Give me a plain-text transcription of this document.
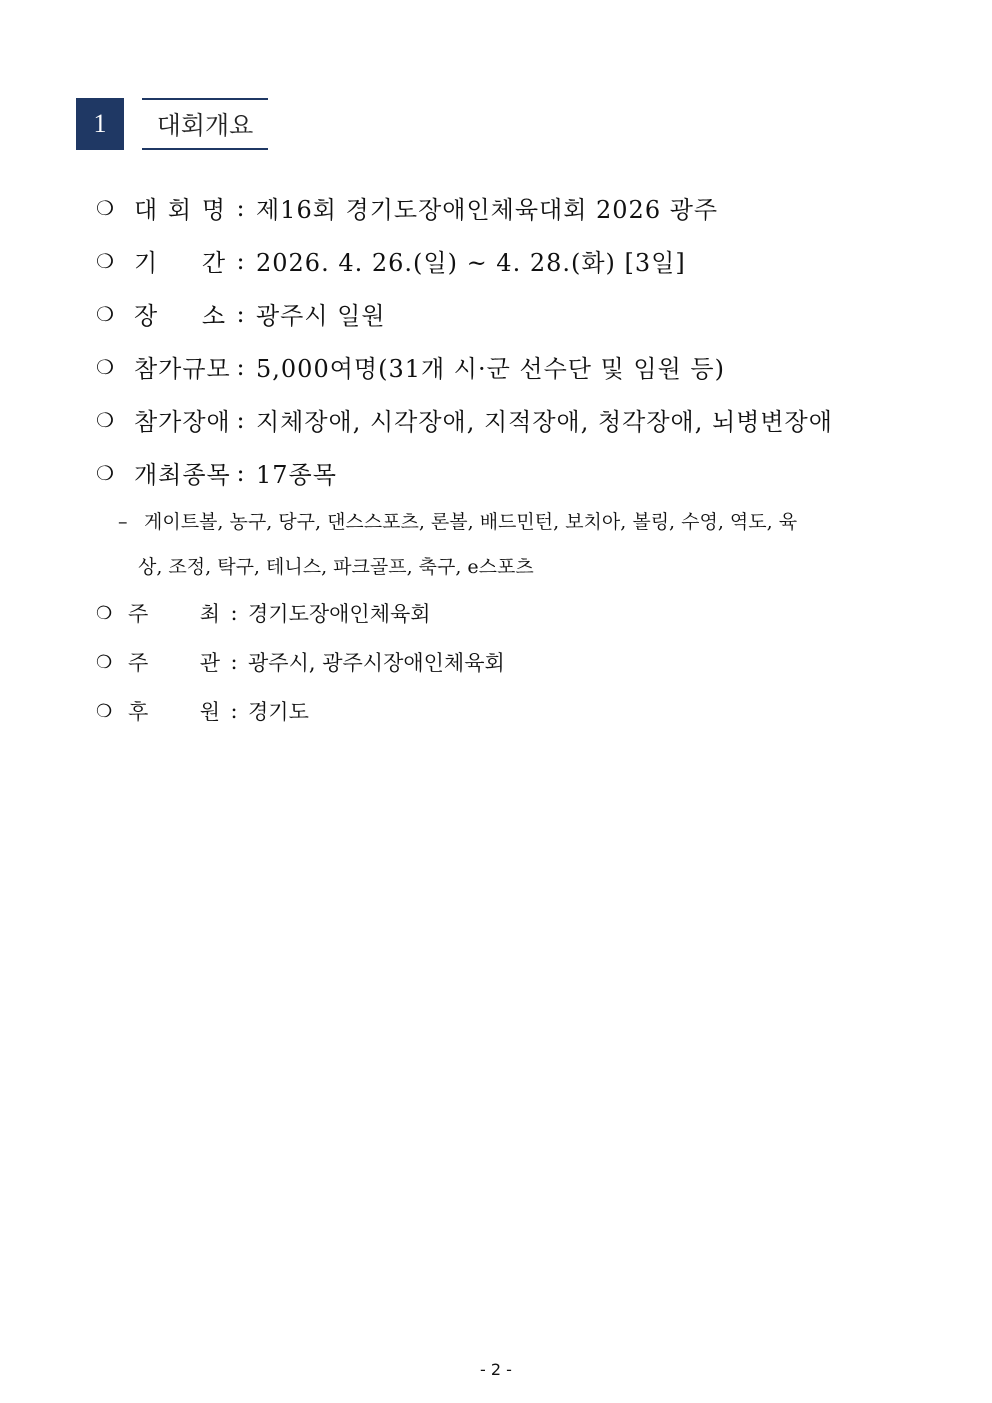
1	대회개요
❍ 대 회 명 : 제16회 경기도장애인체육대회 2026 광주
❍ 기 간 : 2026. 4. 26.(일) ~ 4. 28.(화) [3일]
❍ 장 소 : 광주시 일원
❍ 참가규모 : 5,000여명(31개 시·군 선수단 및 임원 등)
❍ 참가장애 : 지체장애, 시각장애, 지적장애, 청각장애, 뇌병변장애
❍ 개최종목 : 17종목
– 게이트볼, 농구, 당구, 댄스스포츠, 론볼, 배드민턴, 보치아, 볼링, 수영, 역도, 육
상, 조정, 탁구, 테니스, 파크골프, 축구, e스포츠
❍ 주 최 : 경기도장애인체육회
❍ 주 관 : 광주시, 광주시장애인체육회
❍ 후 원 : 경기도
- 2 -
